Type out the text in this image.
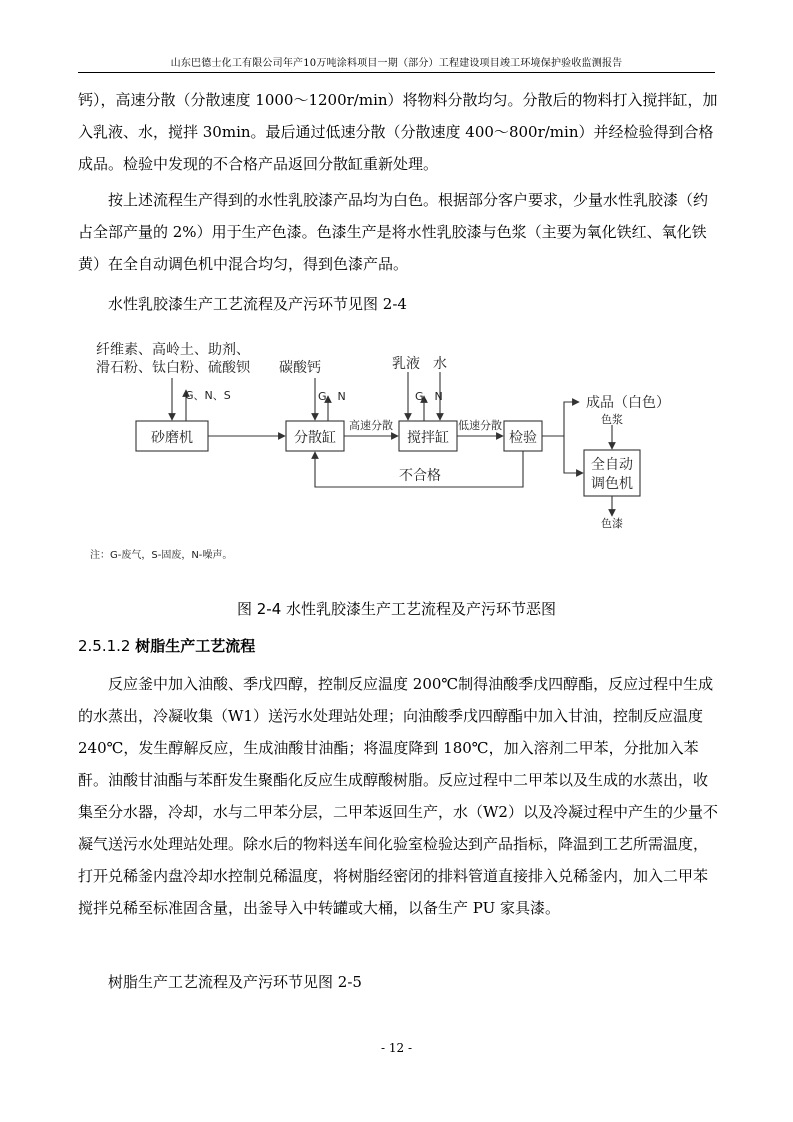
山东巴德士化工有限公司年产10万吨涂料项目一期（部分）工程建设项目竣工环境保护验收监测报告

钙），高速分散（分散速度 1000～1200r/min）将物料分散均匀。分散后的物料打入搅拌缸，加入乳液、水，搅拌 30min。最后通过低速分散（分散速度 400～800r/min）并经检验得到合格成品。检验中发现的不合格产品返回分散缸重新处理。

按上述流程生产得到的水性乳胶漆产品均为白色。根据部分客户要求，少量水性乳胶漆（约占全部产量的 2%）用于生产色漆。色漆生产是将水性乳胶漆与色浆（主要为氧化铁红、氧化铁黄）在全自动调色机中混合均匀，得到色漆产品。

水性乳胶漆生产工艺流程及产污环节见图 2-4
纤维素、高岭土、助剂、
滑石粉、钛白粉、硫酸钡 碳酸钙	乳液 水
G、N、S	G、N	G、N
砂磨机	分散缸	搅拌缸	检验
高速分散	低速分散
不合格
成品（白色）
色浆
全自动
调色机
色漆
注：G-废气，S-固废，N-噪声。
图 2-4 水性乳胶漆生产工艺流程及产污环节恶图
2.5.1.2 树脂生产工艺流程

反应釜中加入油酸、季戊四醇，控制反应温度 200℃制得油酸季戊四醇酯，反应过程中生成的水蒸出，冷凝收集（W1）送污水处理站处理；向油酸季戊四醇酯中加入甘油，控制反应温度 240℃，发生醇解反应，生成油酸甘油酯；将温度降到 180℃，加入溶剂二甲苯，分批加入苯酐。油酸甘油酯与苯酐发生聚酯化反应生成醇酸树脂。反应过程中二甲苯以及生成的水蒸出，收集至分水器，冷却，水与二甲苯分层，二甲苯返回生产，水（W2）以及冷凝过程中产生的少量不凝气送污水处理站处理。除水后的物料送车间化验室检验达到产品指标，降温到工艺所需温度，打开兑稀釜内盘冷却水控制兑稀温度，将树脂经密闭的排料管道直接排入兑稀釜内，加入二甲苯搅拌兑稀至标准固含量，出釜导入中转罐或大桶，以备生产 PU 家具漆。

树脂生产工艺流程及产污环节见图 2-5
- 12 -
